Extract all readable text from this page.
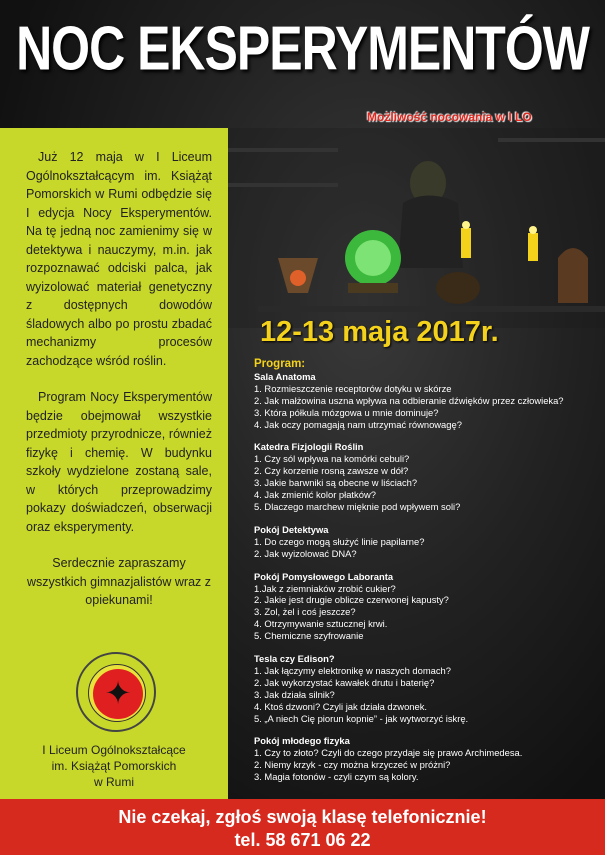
NOC EKSPERYMENTÓW
Możliwość nocowania w I LO

Już 12 maja w I Liceum Ogólnokształcącym im. Książąt Pomorskich w Rumi odbędzie się I edycja Nocy Eksperymentów. Na tę jedną noc zamienimy się w detektywa i nauczymy, m.in. jak rozpoznawać odciski palca, jak wyizolować materiał genetyczny z dostępnych dowodów śladowych albo po prostu zbadać mechanizmy procesów zachodzące wśród roślin.

Program Nocy Eksperymentów będzie obejmował wszystkie przedmioty przyrodnicze, również fizykę i chemię. W budynku szkoły wydzielone zostaną sale, w których przeprowadzimy pokazy doświadczeń, obserwacji oraz eksperymenty.

Serdecznie zapraszamy wszystkich gimnazjalistów wraz z opiekunami!

✦
I Liceum Ogólnokształcące
im. Książąt Pomorskich
w Rumi
12-13 maja 2017r.
Program:
Sala Anatoma
1. Rozmieszczenie receptorów dotyku w skórze
2. Jak małżowina uszna wpływa na odbieranie dźwięków przez człowieka?
3. Która półkula mózgowa u mnie dominuje?
4. Jak oczy pomagają nam utrzymać równowagę?
Katedra Fizjologii Roślin
1. Czy sól wpływa na komórki cebuli?
2. Czy korzenie rosną zawsze w dół?
3. Jakie barwniki są obecne w liściach?
4. Jak zmienić kolor płatków?
5. Dlaczego marchew mięknie pod wpływem soli?
Pokój Detektywa
1. Do czego mogą służyć linie papilarne?
2. Jak wyizolować DNA?
Pokój Pomysłowego Laboranta
1.Jak z ziemniaków zrobić cukier?
2. Jakie jest drugie oblicze czerwonej kapusty?
3. Zol, żel i coś jeszcze?
4. Otrzymywanie sztucznej krwi.
5. Chemiczne szyfrowanie
Tesla czy Edison?
1. Jak łączymy elektronikę w naszych domach?
2. Jak wykorzystać kawałek drutu i baterię?
3. Jak działa silnik?
4. Ktoś dzwoni? Czyli jak działa dzwonek.
5. „A niech Cię piorun kopnie” - jak wytworzyć iskrę.
Pokój młodego fizyka
1. Czy to złoto? Czyli do czego przydaje się prawo Archimedesa.
2. Niemy krzyk - czy można krzyczeć w próżni?
3. Magia fotonów - czyli czym są kolory.
Nie czekaj, zgłoś swoją klasę telefonicznie!
tel. 58 671 06 22
